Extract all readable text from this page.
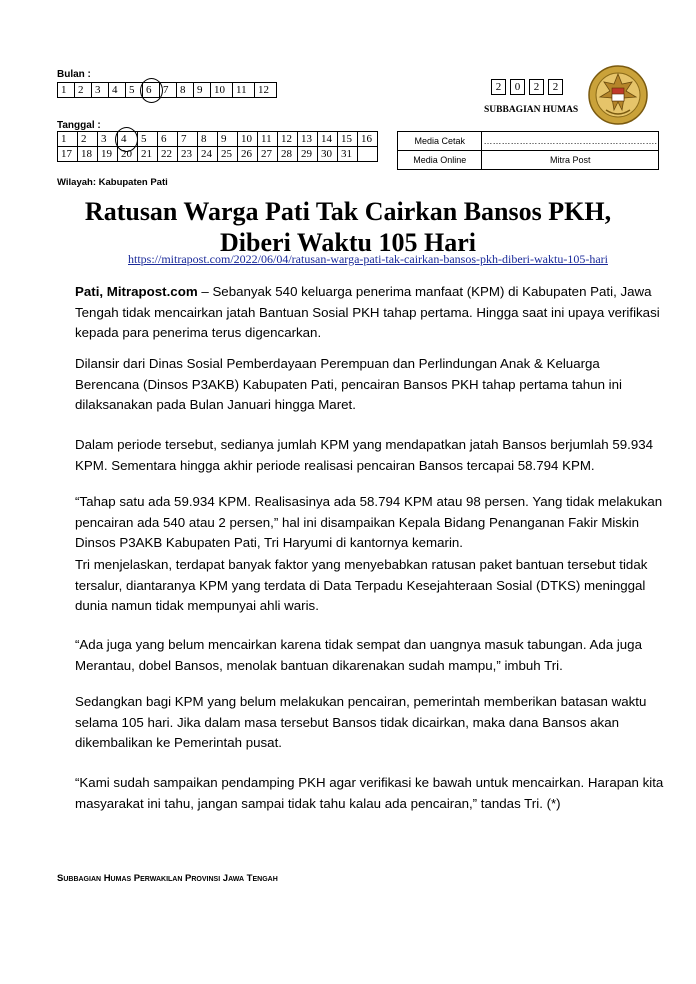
Bulan :
1	2	3	4	5	6	7	8	9	10	11	12	2	0	2	2
SUBBAGIAN HUMAS
Tanggal :
1	2	3	4	5	6	7	8	9	10	11	12	13	14	15	16
17	18	19	20	21	22	23	24	25	26	27	28	29	30	31	
Media Cetak	………………………………………………….
Media Online	Mitra Post
Wilayah: Kabupaten Pati
Ratusan Warga Pati Tak Cairkan Bansos PKH,
Diberi Waktu 105 Hari
https://mitrapost.com/2022/06/04/ratusan-warga-pati-tak-cairkan-bansos-pkh-diberi-waktu-105-hari
Pati, Mitrapost.com – Sebanyak 540 keluarga penerima manfaat (KPM) di Kabupaten Pati, Jawa Tengah tidak mencairkan jatah Bantuan Sosial PKH tahap pertama. Hingga saat ini upaya verifikasi kepada para penerima terus digencarkan.
Dilansir dari Dinas Sosial Pemberdayaan Perempuan dan Perlindungan Anak & Keluarga Berencana (Dinsos P3AKB) Kabupaten Pati, pencairan Bansos PKH tahap pertama tahun ini dilaksanakan pada Bulan Januari hingga Maret.
Dalam periode tersebut, sedianya jumlah KPM yang mendapatkan jatah Bansos berjumlah 59.934 KPM. Sementara hingga akhir periode realisasi pencairan Bansos tercapai 58.794 KPM.
“Tahap satu ada 59.934 KPM. Realisasinya ada 58.794 KPM atau 98 persen. Yang tidak melakukan pencairan ada 540 atau 2 persen,” hal ini disampaikan Kepala Bidang Penanganan Fakir Miskin Dinsos P3AKB Kabupaten Pati, Tri Haryumi di kantornya kemarin.
Tri menjelaskan, terdapat banyak faktor yang menyebabkan ratusan paket bantuan tersebut tidak tersalur, diantaranya KPM yang terdata di Data Terpadu Kesejahteraan Sosial (DTKS) meninggal dunia namun tidak mempunyai ahli waris.
“Ada juga yang belum mencairkan karena tidak sempat dan uangnya masuk tabungan. Ada juga Merantau, dobel Bansos, menolak bantuan dikarenakan sudah mampu,” imbuh Tri.
Sedangkan bagi KPM yang belum melakukan pencairan, pemerintah memberikan batasan waktu selama 105 hari. Jika dalam masa tersebut Bansos tidak dicairkan, maka dana Bansos akan dikembalikan ke Pemerintah pusat.
“Kami sudah sampaikan pendamping PKH agar verifikasi ke bawah untuk mencairkan. Harapan kita masyarakat ini tahu, jangan sampai tidak tahu kalau ada pencairan,” tandas Tri. (*)
Subbagian Humas Perwakilan Provinsi Jawa Tengah
